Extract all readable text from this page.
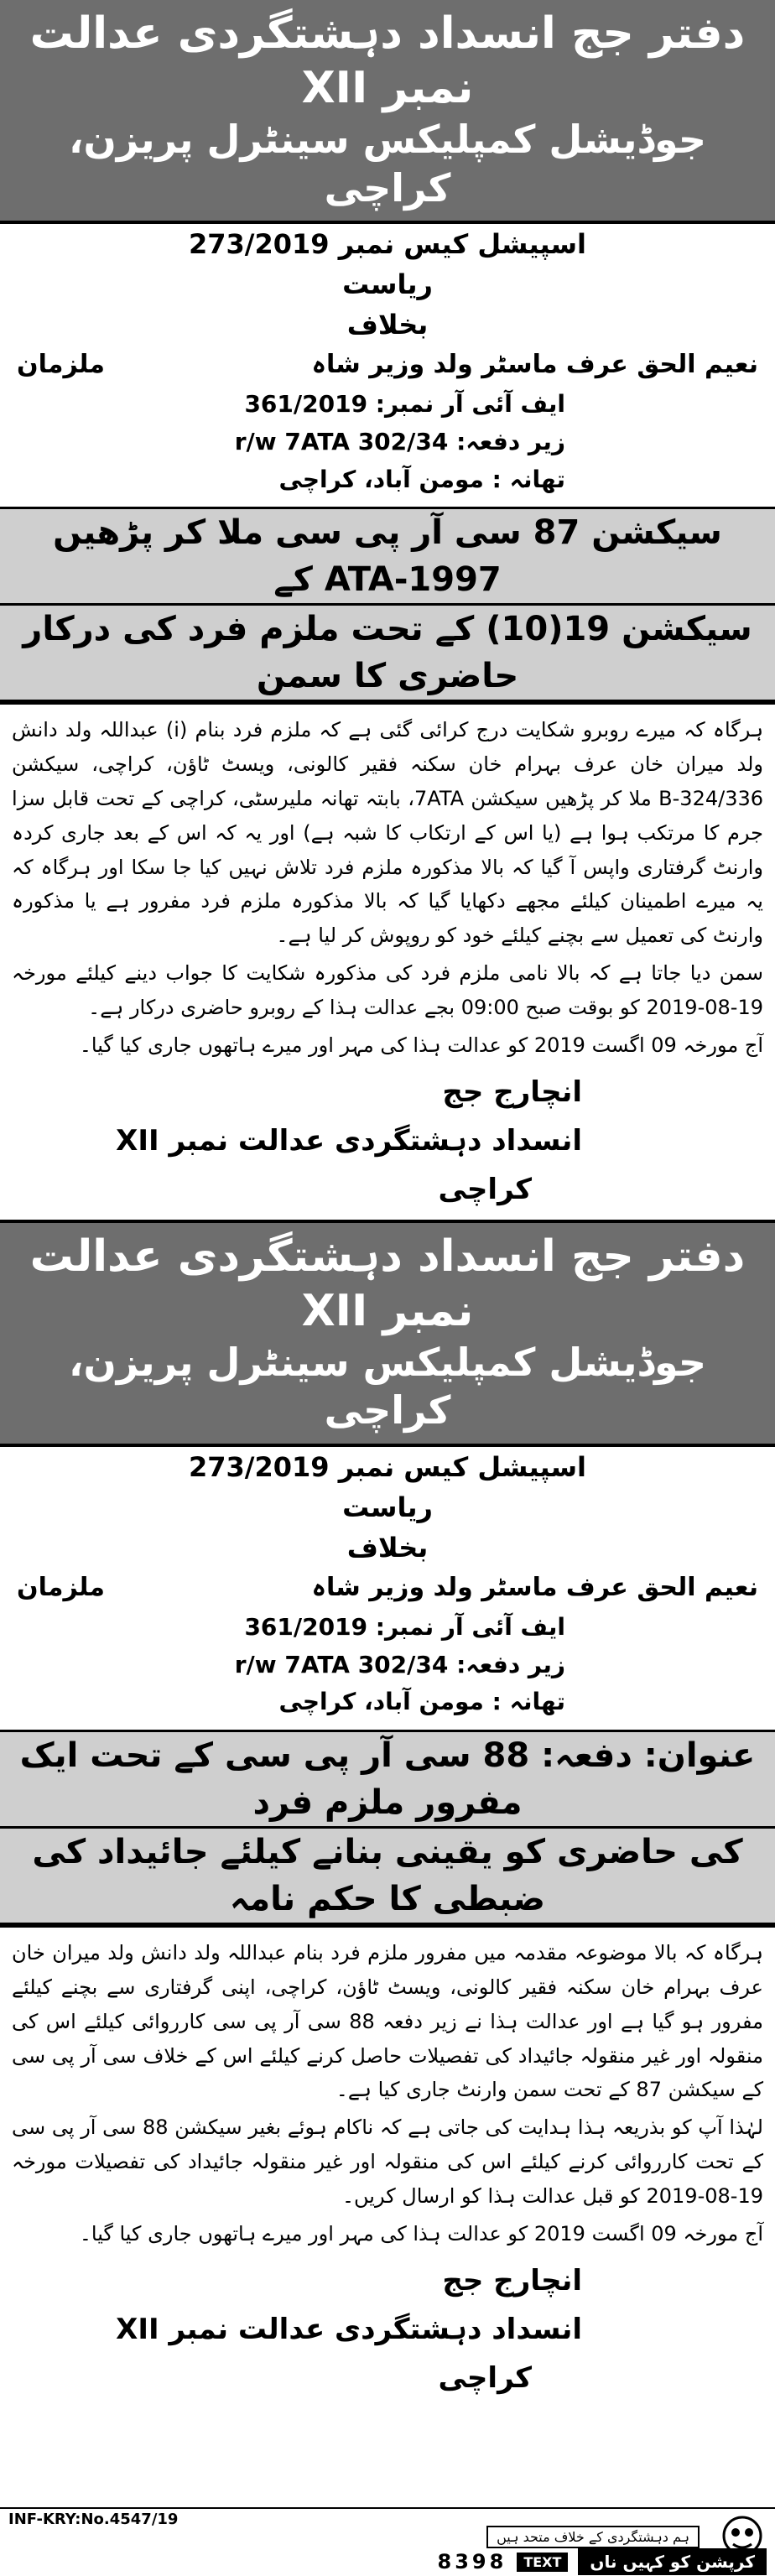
دفتر جج انسداد دہشتگردی عدالت نمبر XII
جوڈیشل کمپلیکس سینٹرل پریزن، کراچی
اسپیشل کیس نمبر 273/2019
ریاست
بخلاف
نعیم الحق عرف ماسٹر ولد وزیر شاہ
ملزمان
ایف آئی آر نمبر: 361/2019
زیر دفعہ: 302/34 r/w 7ATA
تھانہ : مومن آباد، کراچی
سیکشن 87 سی آر پی سی ملا کر پڑھیں ATA-1997 کے
سیکشن 19(10) کے تحت ملزم فرد کی درکار حاضری کا سمن

ہرگاہ کہ میرے روبرو شکایت درج کرائی گئی ہے کہ ملزم فرد بنام (i) عبداللہ ولد دانش ولد میران خان عرف بہرام خان سکنہ فقیر کالونی، ویسٹ ٹاؤن، کراچی، سیکشن 324/336-B ملا کر پڑھیں سیکشن 7ATA، بابتہ تھانہ ملیرسٹی، کراچی کے تحت قابل سزا جرم کا مرتکب ہوا ہے (یا اس کے ارتکاب کا شبہ ہے) اور یہ کہ اس کے بعد جاری کردہ وارنٹ گرفتاری واپس آ گیا کہ بالا مذکورہ ملزم فرد تلاش نہیں کیا جا سکا اور ہرگاہ کہ یہ میرے اطمینان کیلئے مجھے دکھایا گیا کہ بالا مذکورہ ملزم فرد مفرور ہے یا مذکورہ وارنٹ کی تعمیل سے بچنے کیلئے خود کو روپوش کر لیا ہے۔

سمن دیا جاتا ہے کہ بالا نامی ملزم فرد کی مذکورہ شکایت کا جواب دینے کیلئے مورخہ 19-08-2019 کو بوقت صبح 09:00 بجے عدالت ہذا کے روبرو حاضری درکار ہے۔

آج مورخہ 09 اگست 2019 کو عدالت ہذا کی مہر اور میرے ہاتھوں جاری کیا گیا۔

انچارج جج
انسداد دہشتگردی عدالت نمبر XII
کراچی
دفتر جج انسداد دہشتگردی عدالت نمبر XII
جوڈیشل کمپلیکس سینٹرل پریزن، کراچی
اسپیشل کیس نمبر 273/2019
ریاست
بخلاف
نعیم الحق عرف ماسٹر ولد وزیر شاہ
ملزمان
ایف آئی آر نمبر: 361/2019
زیر دفعہ: 302/34 r/w 7ATA
تھانہ : مومن آباد، کراچی
عنوان: دفعہ: 88 سی آر پی سی کے تحت ایک مفرور ملزم فرد
کی حاضری کو یقینی بنانے کیلئے جائیداد کی ضبطی کا حکم نامہ

ہرگاہ کہ بالا موضوعہ مقدمہ میں مفرور ملزم فرد بنام عبداللہ ولد دانش ولد میران خان عرف بہرام خان سکنہ فقیر کالونی، ویسٹ ٹاؤن، کراچی، اپنی گرفتاری سے بچنے کیلئے مفرور ہو گیا ہے اور عدالت ہذا نے زیر دفعہ 88 سی آر پی سی کارروائی کیلئے اس کی منقولہ اور غیر منقولہ جائیداد کی تفصیلات حاصل کرنے کیلئے اس کے خلاف سی آر پی سی کے سیکشن 87 کے تحت سمن وارنٹ جاری کیا ہے۔

لہٰذا آپ کو بذریعہ ہذا ہدایت کی جاتی ہے کہ ناکام ہوئے بغیر سیکشن 88 سی آر پی سی کے تحت کارروائی کرنے کیلئے اس کی منقولہ اور غیر منقولہ جائیداد کی تفصیلات مورخہ 19-08-2019 کو قبل عدالت ہذا کو ارسال کریں۔

آج مورخہ 09 اگست 2019 کو عدالت ہذا کی مہر اور میرے ہاتھوں جاری کیا گیا۔

انچارج جج
انسداد دہشتگردی عدالت نمبر XII
کراچی
INF-KRY:No.4547/19
ہم دہشتگردی کے خلاف متحد ہیں
کرپشن کو کہیں ناں
TEXT
8398
